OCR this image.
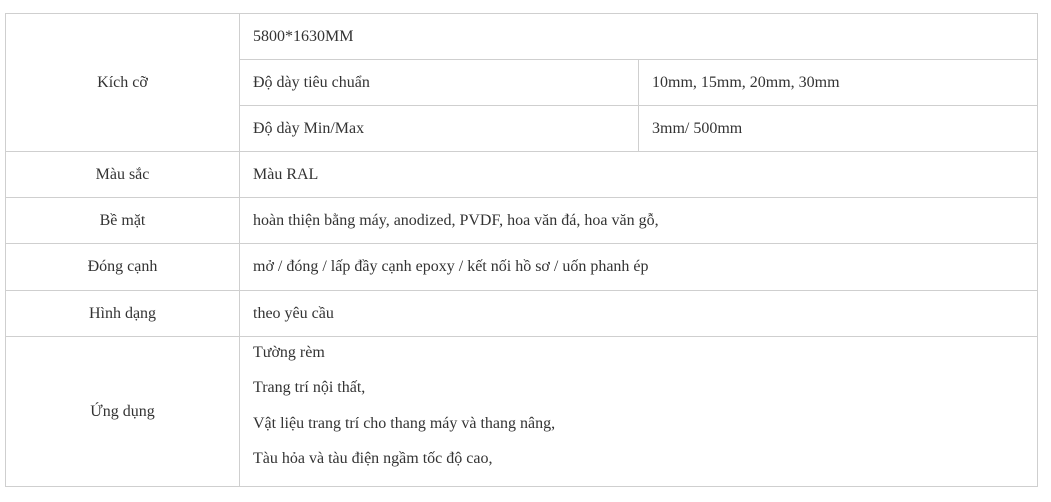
Kích cỡ	5800*1630MM	
	Độ dày tiêu chuẩn	10mm, 15mm, 20mm, 30mm
	Độ dày Min/Max	3mm/ 500mm
Màu sắc	Màu RAL	
Bề mặt	hoàn thiện bằng máy, anodized, PVDF, hoa văn đá, hoa văn gỗ,	
Đóng cạnh	mở / đóng / lấp đầy cạnh epoxy / kết nối hồ sơ / uốn phanh ép	
Hình dạng	theo yêu cầu	
Ứng dụng	Tường rèm
Trang trí nội thất,
Vật liệu trang trí cho thang máy và thang nâng,
Tàu hỏa và tàu điện ngầm tốc độ cao,	
